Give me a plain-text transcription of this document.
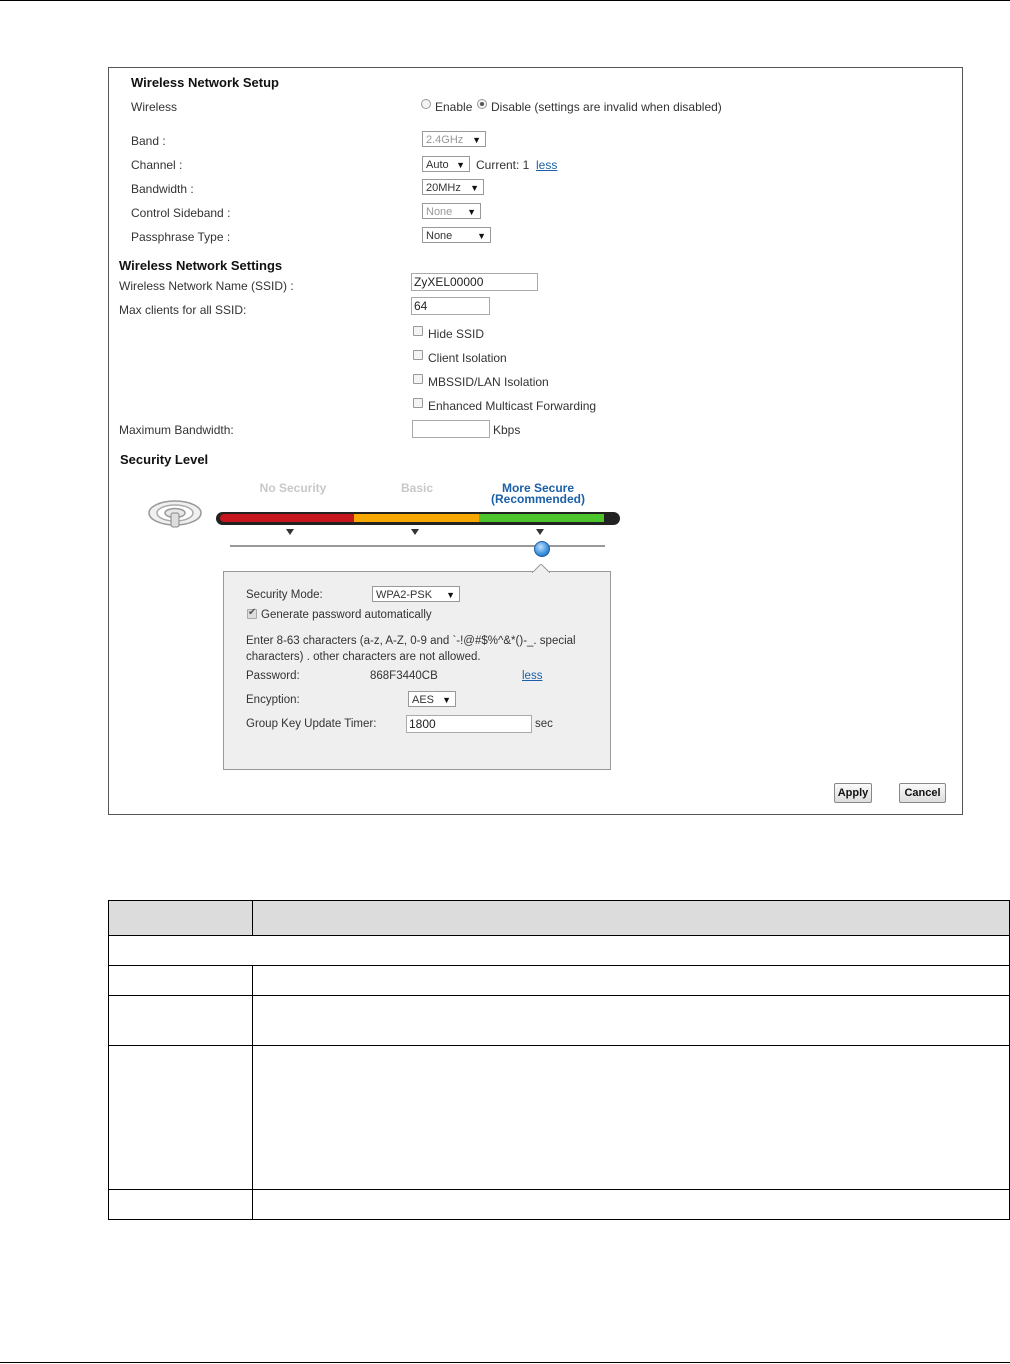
Wireless Network Setup
Wireless	Enable Disable (settings are invalid when disabled)
Band :	2.4GHz ▼
Channel :	Auto ▼ Current: 1 less
Bandwidth :	20MHz ▼
Control Sideband :	None ▼
Passphrase Type :	None	▼
Wireless Network Settings
Wireless Network Name (SSID) :	ZyXEL00000
Max clients for all SSID:	64
Hide SSID
Client Isolation
MBSSID/LAN Isolation
Enhanced Multicast Forwarding
Maximum Bandwidth:	Kbps
Security Level
No Security	Basic	More Secure
(Recommended)
Security Mode:	WPA2-PSK ▼
✔ Generate password automatically
Enter 8-63 characters (a-z, A-Z, 0-9 and `-!@#$%^&*()-_. special characters) . other characters are not allowed.
Password:	868F3440CB	less
Encyption:	AES ▼
Group Key Update Timer:	1800	sec
Apply	Cancel
